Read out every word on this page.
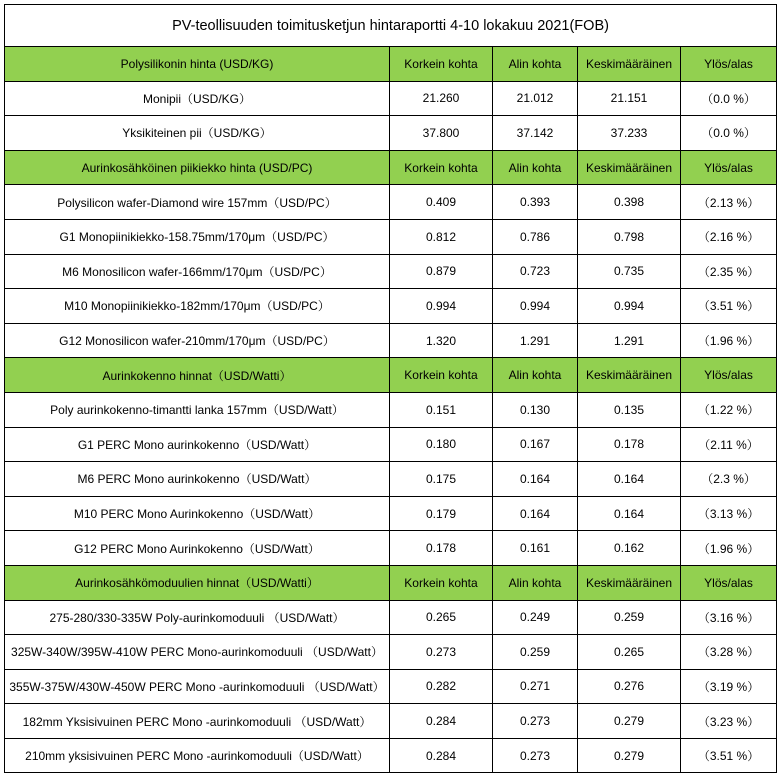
PV-teollisuuden toimitusketjun hintaraportti 4-10 lokakuu 2021(FOB)				
Polysilikonin hinta (USD/KG)	Korkein kohta	Alin kohta	Keskimääräinen	Ylös/alas
Monipii（USD/KG）	21.260	21.012	21.151	（0.0 %）
Yksikiteinen pii（USD/KG）	37.800	37.142	37.233	（0.0 %）
Aurinkosähköinen piikiekko hinta (USD/PC)	Korkein kohta	Alin kohta	Keskimääräinen	Ylös/alas
Polysilicon wafer-Diamond wire 157mm（USD/PC）	0.409	0.393	0.398	（2.13 %）
G1 Monopiinikiekko-158.75mm/170μm（USD/PC）	0.812	0.786	0.798	（2.16 %）
M6 Monosilicon wafer-166mm/170μm（USD/PC）	0.879	0.723	0.735	（2.35 %）
M10 Monopiinikiekko-182mm/170μm（USD/PC）	0.994	0.994	0.994	（3.51 %）
G12 Monosilicon wafer-210mm/170μm（USD/PC）	1.320	1.291	1.291	（1.96 %）
Aurinkokenno hinnat（USD/Watti）	Korkein kohta	Alin kohta	Keskimääräinen	Ylös/alas
Poly aurinkokenno-timantti lanka 157mm（USD/Watt）	0.151	0.130	0.135	（1.22 %）
G1 PERC Mono aurinkokenno（USD/Watt）	0.180	0.167	0.178	（2.11 %）
M6 PERC Mono aurinkokenno（USD/Watt）	0.175	0.164	0.164	（2.3 %）
M10 PERC Mono Aurinkokenno（USD/Watt）	0.179	0.164	0.164	（3.13 %）
G12 PERC Mono Aurinkokenno（USD/Watt）	0.178	0.161	0.162	（1.96 %）
Aurinkosähkömoduulien hinnat（USD/Watti）	Korkein kohta	Alin kohta	Keskimääräinen	Ylös/alas
275-280/330-335W Poly-aurinkomoduuli （USD/Watt）	0.265	0.249	0.259	（3.16 %）
325W-340W/395W-410W PERC Mono-aurinkomoduuli （USD/Watt）	0.273	0.259	0.265	（3.28 %）
355W-375W/430W-450W PERC Mono -aurinkomoduuli （USD/Watt）	0.282	0.271	0.276	（3.19 %）
182mm Yksisivuinen PERC Mono -aurinkomoduuli （USD/Watt）	0.284	0.273	0.279	（3.23 %）
210mm yksisivuinen PERC Mono -aurinkomoduuli（USD/Watt）	0.284	0.273	0.279	（3.51 %）
